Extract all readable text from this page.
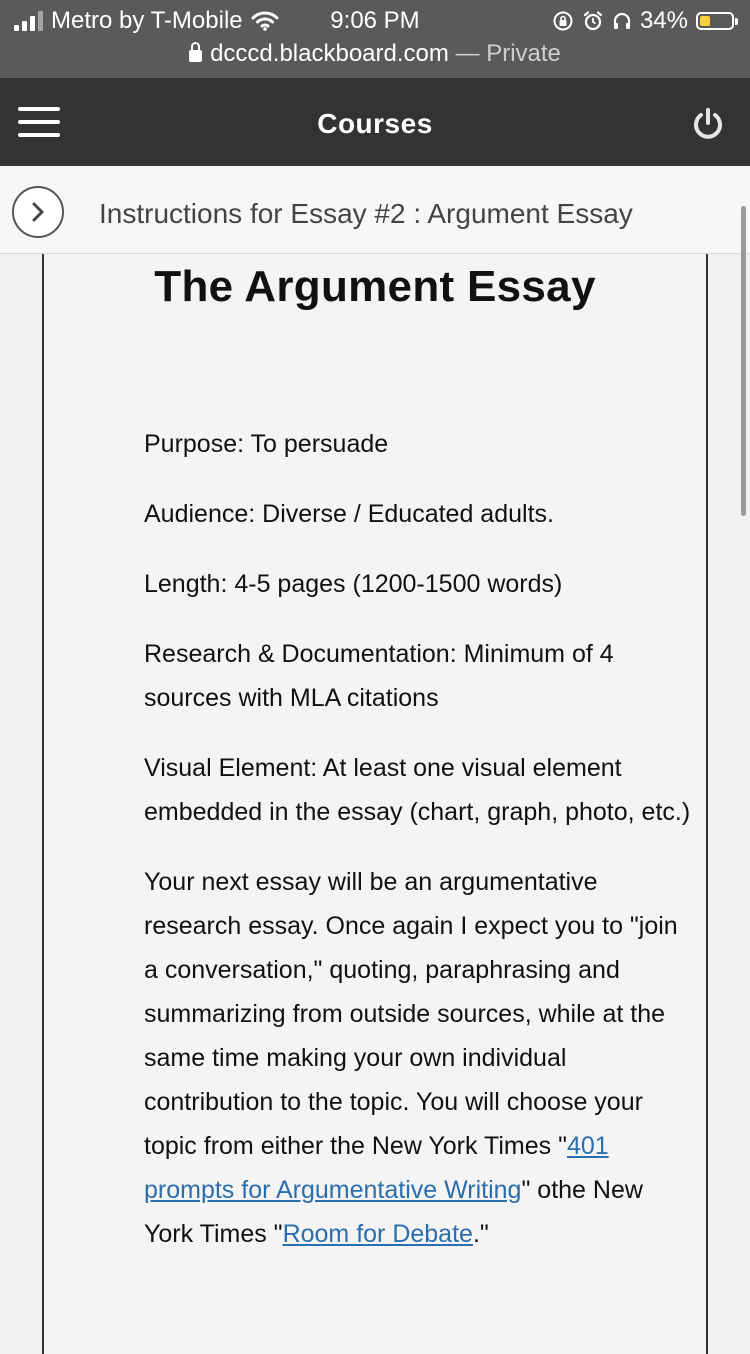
Metro by T-Mobile	9:06 PM	34%
dcccd.blackboard.com — Private
Courses
Instructions for Essay #2 : Argument Essay
The Argument Essay

Purpose: To persuade

Audience: Diverse / Educated adults.

Length: 4-5 pages (1200-1500 words)

Research & Documentation: Minimum of 4 sources with MLA citations

Visual Element: At least one visual element embedded in the essay (chart, graph, photo, etc.)

Your next essay will be an argumentative research essay. Once again I expect you to "join a conversation," quoting, paraphrasing and summarizing from outside sources, while at the same time making your own individual contribution to the topic. You will choose your topic from either the New York Times "401 prompts for Argumentative Writing" othe New York Times "Room for Debate."
